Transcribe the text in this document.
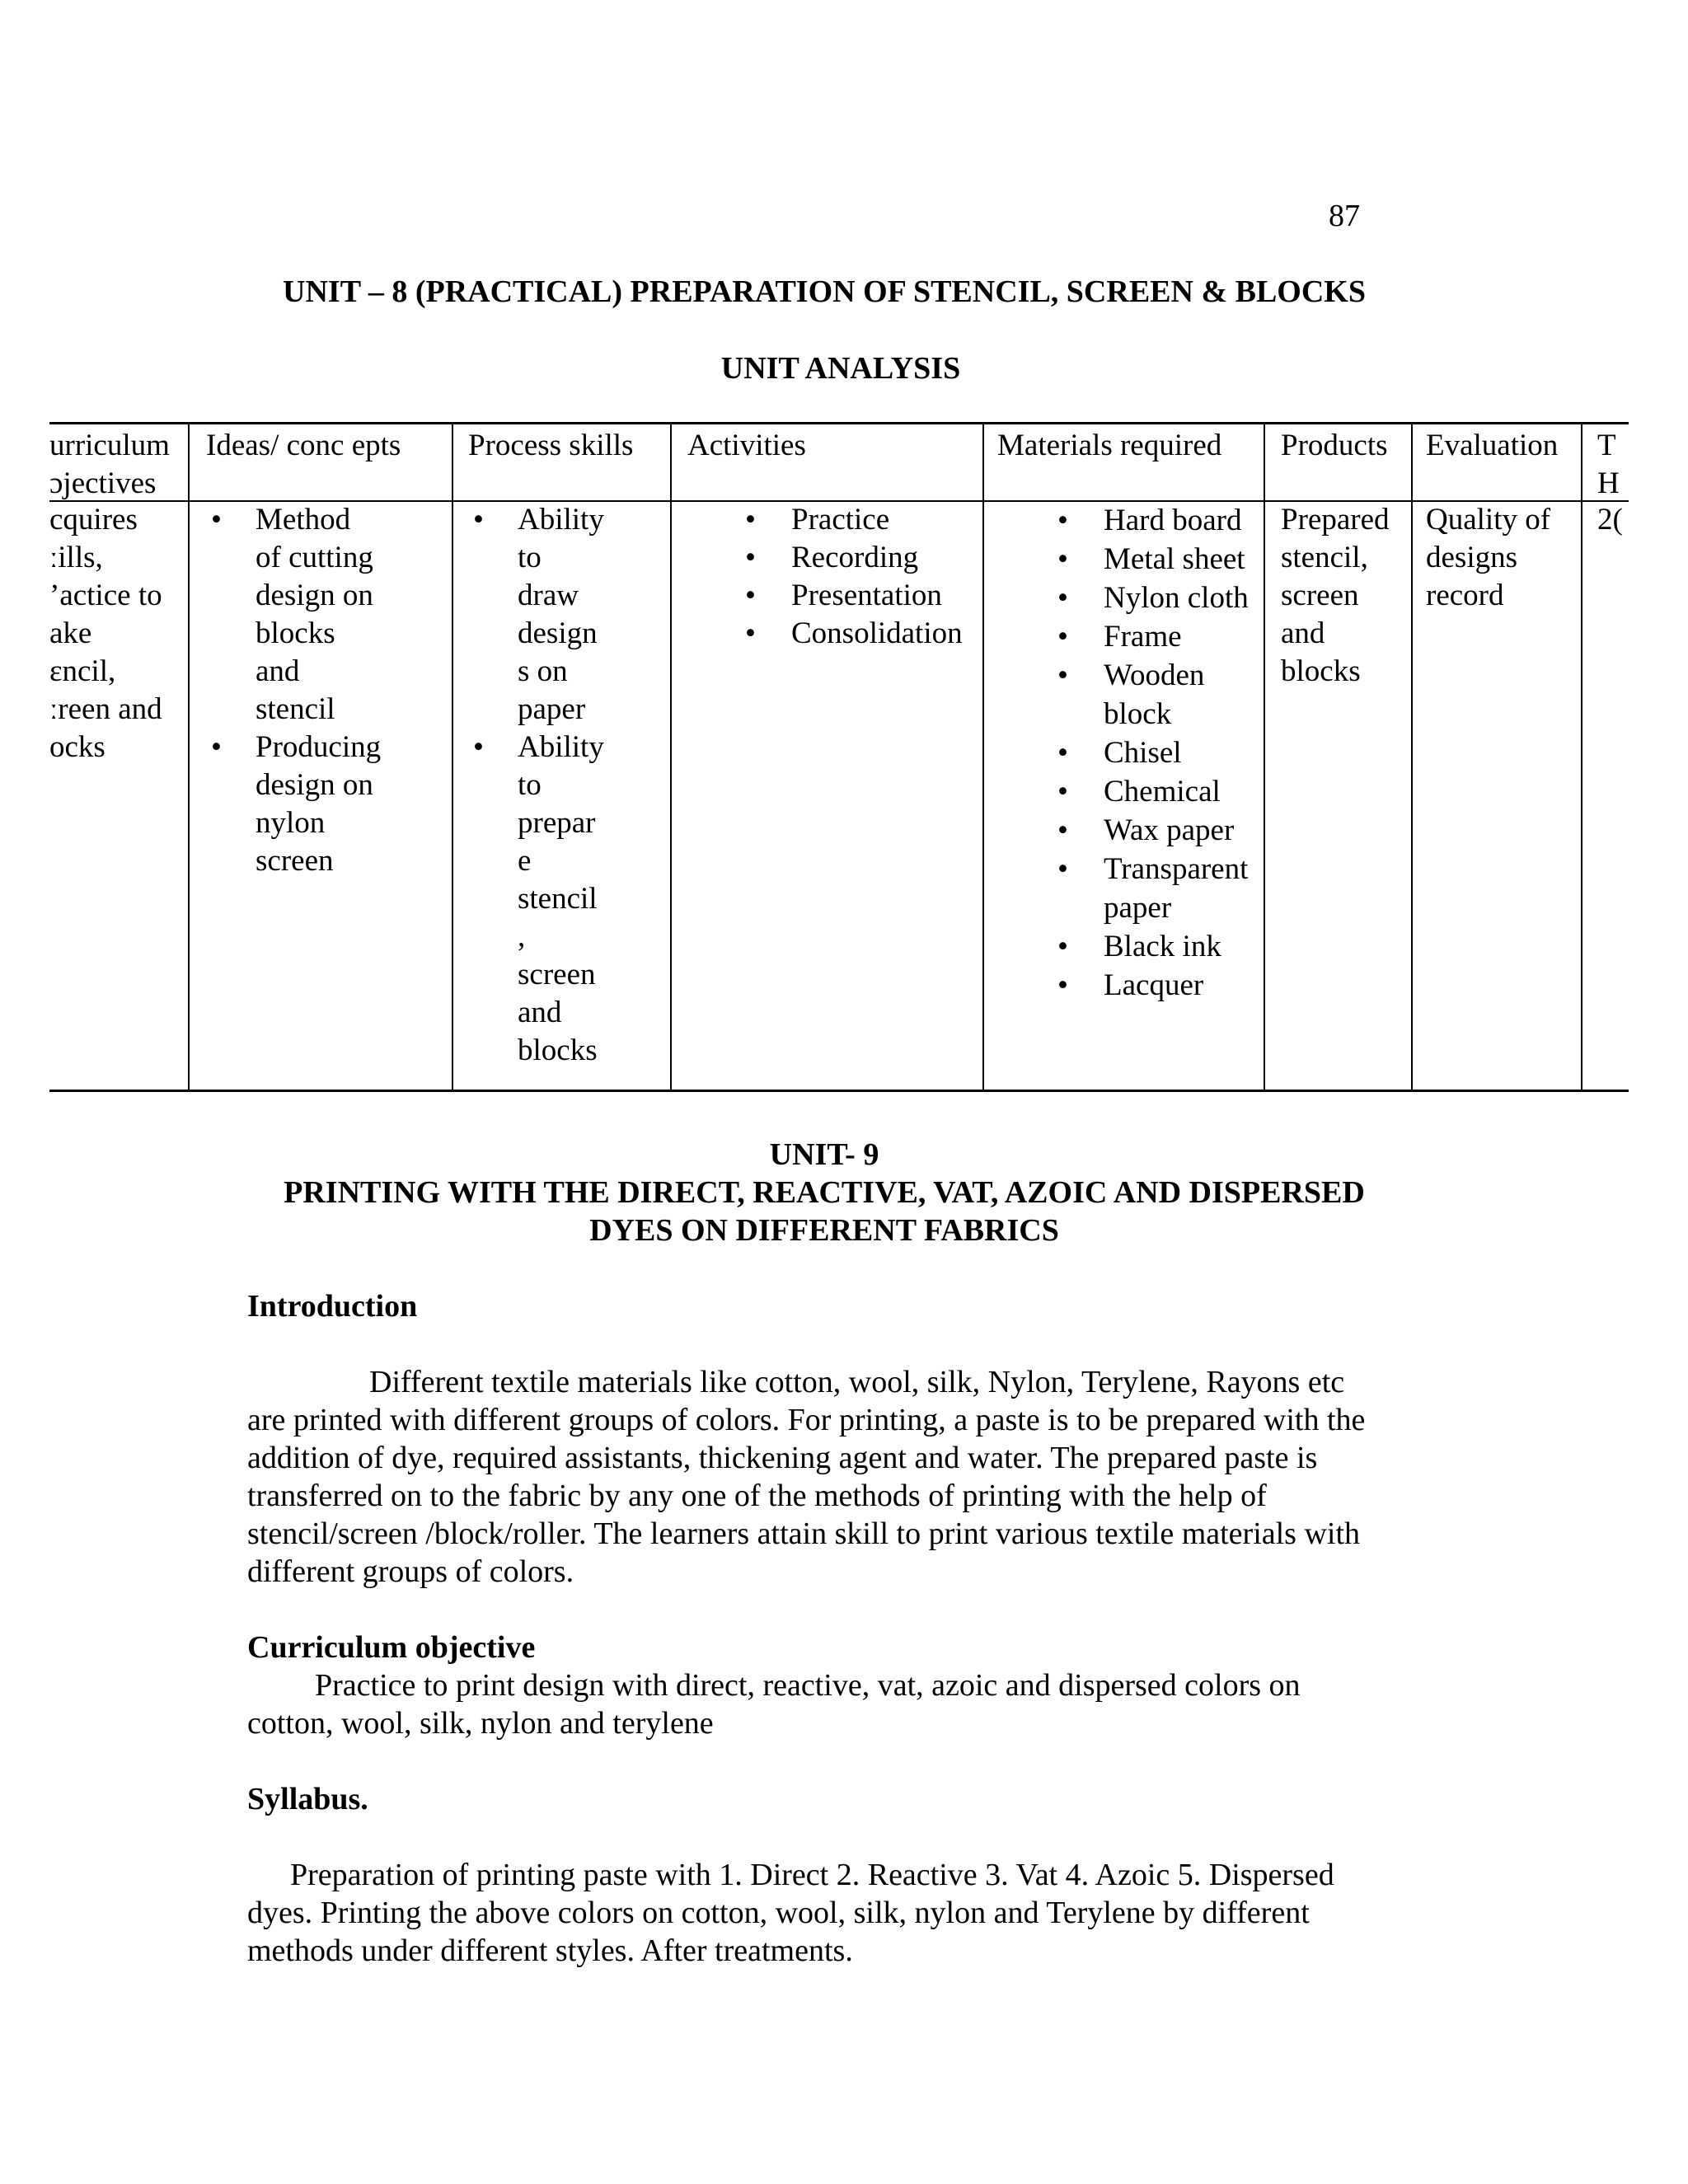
87
UNIT – 8 (PRACTICAL) PREPARATION OF STENCIL, SCREEN & BLOCKS
UNIT ANALYSIS
urriculum
ɔjectives
Ideas/ conc epts Process skills Activities	Materials required Products Evaluation T
H
cquires
ːills,
ʼactice to
ake
ɛncil,
ːreen and
ocks
• Method
of cutting
design on
blocks
and
stencil
• Producing
design on
nylon
screen
• Ability
to
draw
design
s on
paper
• Ability
to
prepar
e
stencil
,
screen
and
blocks
• Practice
• Recording
• Presentation
• Consolidation
• Hard board
• Metal sheet
• Nylon cloth
• Frame
• Wooden
block
• Chisel
• Chemical
• Wax paper
• Transparent
paper
• Black ink
• Lacquer
Prepared
stencil,
screen
and
blocks
Quality of
designs
record
2(
UNIT- 9
PRINTING WITH THE DIRECT, REACTIVE, VAT, AZOIC AND DISPERSED
DYES ON DIFFERENT FABRICS
Introduction
Different textile materials like cotton, wool, silk, Nylon, Terylene, Rayons etc
are printed with different groups of colors. For printing, a paste is to be prepared with the
addition of dye, required assistants, thickening agent and water. The prepared paste is
transferred on to the fabric by any one of the methods of printing with the help of
stencil/screen /block/roller. The learners attain skill to print various textile materials with
different groups of colors.
Curriculum objective
Practice to print design with direct, reactive, vat, azoic and dispersed colors on
cotton, wool, silk, nylon and terylene
Syllabus.
Preparation of printing paste with 1. Direct 2. Reactive 3. Vat 4. Azoic 5. Dispersed
dyes. Printing the above colors on cotton, wool, silk, nylon and Terylene by different
methods under different styles. After treatments.
